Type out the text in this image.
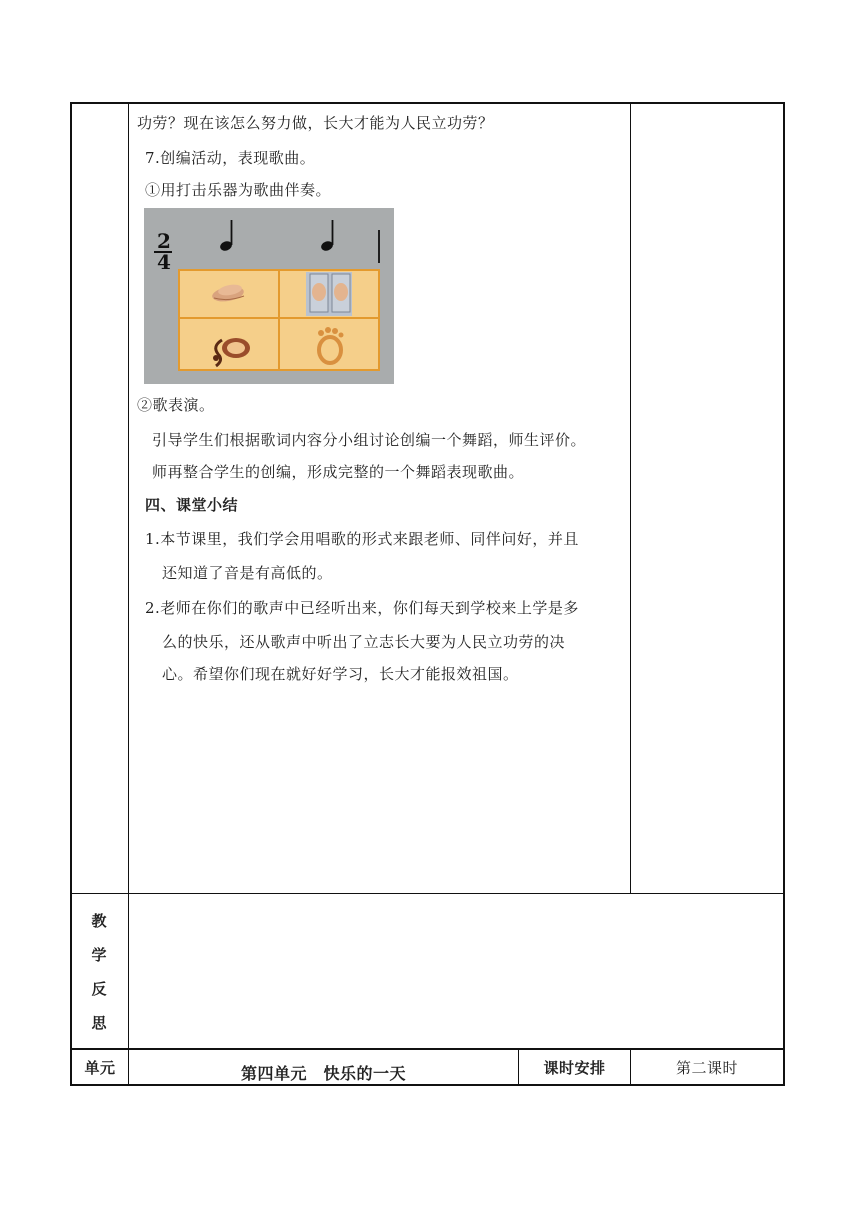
功劳？现在该怎么努力做，长大才能为人民立功劳？
7.创编活动，表现歌曲。
①用打击乐器为歌曲伴奏。
2
4
②歌表演。
引导学生们根据歌词内容分小组讨论创编一个舞蹈，师生评价。
师再整合学生的创编，形成完整的一个舞蹈表现歌曲。
四、课堂小结
1.本节课里，我们学会用唱歌的形式来跟老师、同伴问好，并且
还知道了音是有高低的。
2.老师在你们的歌声中已经听出来，你们每天到学校来上学是多
么的快乐，还从歌声中听出了立志长大要为人民立功劳的决
心。希望你们现在就好好学习，长大才能报效祖国。
教
学
反
思
单元	第四单元　快乐的一天	课时安排	第二课时
